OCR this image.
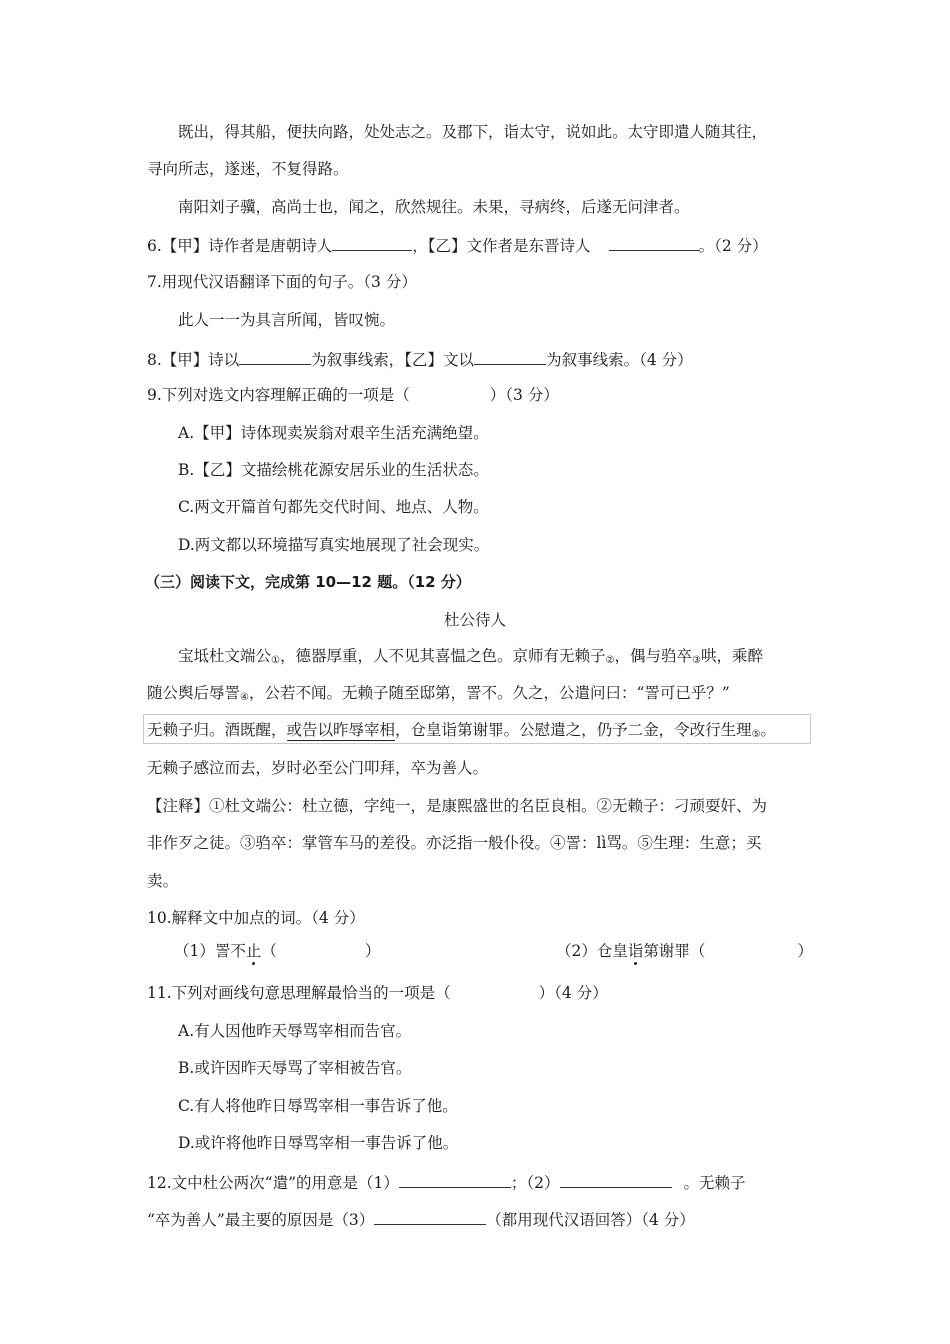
既出，得其船，便扶向路，处处志之。及郡下，诣太守，说如此。太守即遣人随其往，
寻向所志，遂迷，不复得路。
南阳刘子骥，高尚士也，闻之，欣然规往。未果，寻病终，后遂无问津者。
6.【甲】诗作者是唐朝诗人	，【乙】文作者是东晋诗人	。（2 分）
7.用现代汉语翻译下面的句子。（3 分）
此人一一为具言所闻，皆叹惋。
8.【甲】诗以	为叙事线索，【乙】文以	为叙事线索。（4 分）
9.下列对选文内容理解正确的一项是（	）（3 分）
A.【甲】诗体现卖炭翁对艰辛生活充满绝望。
B.【乙】文描绘桃花源安居乐业的生活状态。
C.两文开篇首句都先交代时间、地点、人物。
D.两文都以环境描写真实地展现了社会现实。
（三）阅读下文，完成第 10—12 题。（12 分）
杜公待人
宝坻杜文端公$_①$，德器厚重，人不见其喜愠之色。京师有无赖子$_②$，偶与驺卒$_③$哄，乘醉
随公舆后辱詈$_④$，公若不闻。无赖子随至邸第，詈不。久之，公遣问曰：“詈可已乎？”
无赖子归。酒既醒，或告以昨辱宰相，仓皇诣第谢罪。公慰遣之，仍予二金，令改行生理$_⑤$。
无赖子感泣而去，岁时必至公门叩拜，卒为善人。
【注释】①杜文端公：杜立德，字纯一，是康熙盛世的名臣良相。②无赖子：刁顽耍奸、为
非作歹之徒。③驺卒：掌管车马的差役。亦泛指一般仆役。④詈：lì骂。⑤生理：生意；买
卖。
10.解释文中加点的词。（4 分）
（1）詈不止（	）	（2）仓皇诣第谢罪（	）
11.下列对画线句意思理解最恰当的一项是（	）（4 分）
A.有人因他昨天辱骂宰相而告官。
B.或许因昨天辱骂了宰相被告官。
C.有人将他昨日辱骂宰相一事告诉了他。
D.或许将他昨日辱骂宰相一事告诉了他。
12.文中杜公两次“遣”的用意是（1）	；（2）	。无赖子
“卒为善人”最主要的原因是（3）	（都用现代汉语回答）（4 分）
